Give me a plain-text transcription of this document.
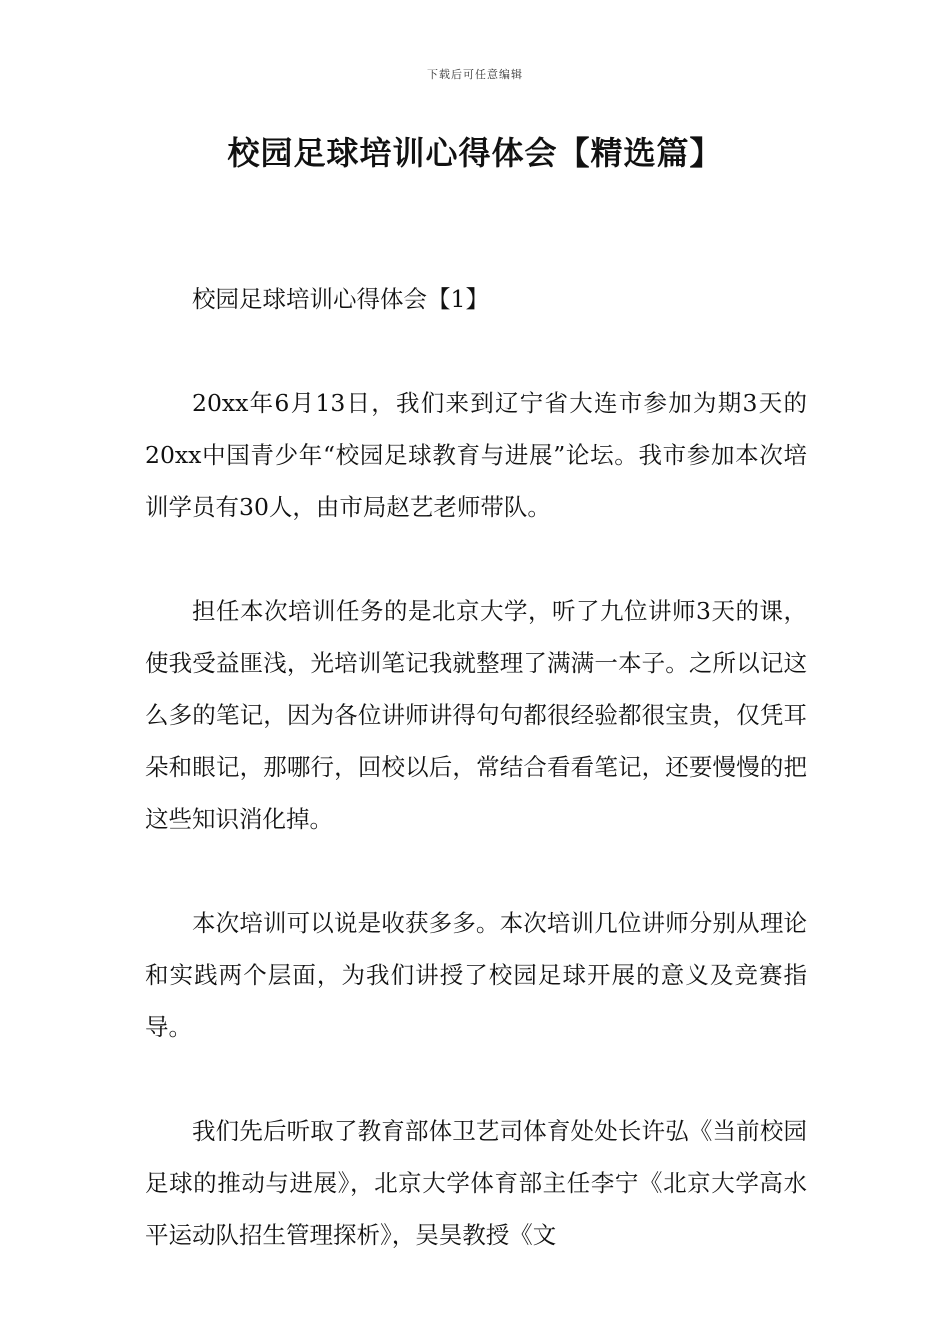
下载后可任意编辑
校园足球培训心得体会【精选篇】

校园足球培训心得体会【1】

20xx年6月13日，我们来到辽宁省大连市参加为期3天的20xx中国青少年“校园足球教育与进展”论坛。我市参加本次培训学员有30人，由市局赵艺老师带队。

担任本次培训任务的是北京大学，听了九位讲师3天的课，使我受益匪浅，光培训笔记我就整理了满满一本子。之所以记这么多的笔记，因为各位讲师讲得句句都很经验都很宝贵，仅凭耳朵和眼记，那哪行，回校以后，常结合看看笔记，还要慢慢的把这些知识消化掉。

本次培训可以说是收获多多。本次培训几位讲师分别从理论和实践两个层面，为我们讲授了校园足球开展的意义及竞赛指导。

我们先后听取了教育部体卫艺司体育处处长许弘《当前校园足球的推动与进展》，北京大学体育部主任李宁《北京大学高水平运动队招生管理探析》，吴昊教授《文
